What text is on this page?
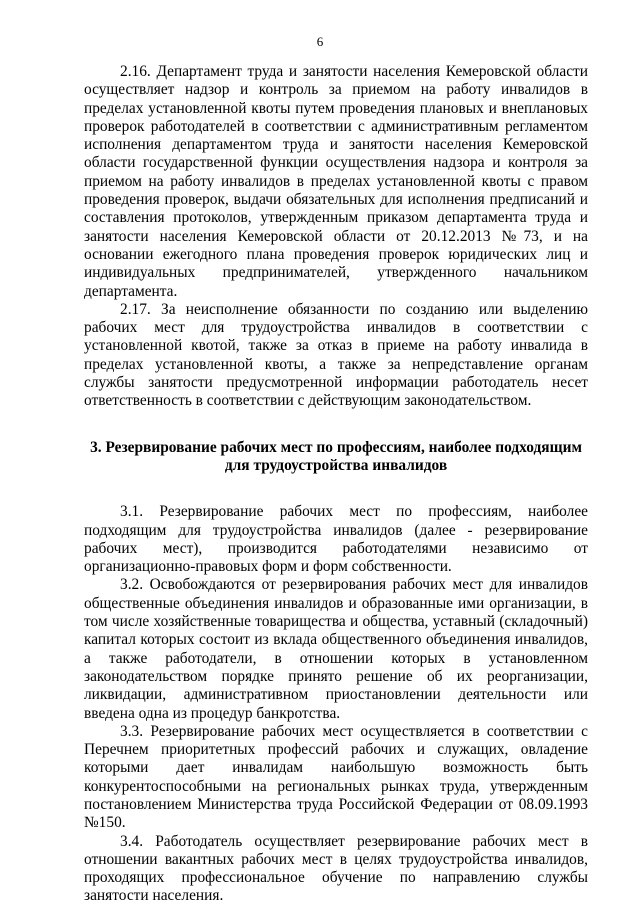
6

2.16. Департамент труда и занятости населения Кемеровской области осуществляет надзор и контроль за приемом на работу инвалидов в пределах установленной квоты путем проведения плановых и внеплановых проверок работодателей в соответствии с административным регламентом исполнения департаментом труда и занятости населения Кемеровской области государственной функции осуществления надзора и контроля за приемом на работу инвалидов в пределах установленной квоты с правом проведения проверок, выдачи обязательных для исполнения предписаний и составления протоколов, утвержденным приказом департамента труда и занятости населения Кемеровской области от 20.12.2013 №73, и на основании ежегодного плана проведения проверок юридических лиц и индивидуальных предпринимателей, утвержденного начальником департамента.

2.17. За неисполнение обязанности по созданию или выделению рабочих мест для трудоустройства инвалидов в соответствии с установленной квотой, также за отказ в приеме на работу инвалида в пределах установленной квоты, а также за непредставление органам службы занятости предусмотренной информации работодатель несет ответственность в соответствии с действующим законодательством.

3. Резервирование рабочих мест по профессиям, наиболее подходящим для трудоустройства инвалидов

3.1. Резервирование рабочих мест по профессиям, наиболее подходящим для трудоустройства инвалидов (далее - резервирование рабочих мест), производится работодателями независимо от организационно-правовых форм и форм собственности.

3.2. Освобождаются от резервирования рабочих мест для инвалидов общественные объединения инвалидов и образованные ими организации, в том числе хозяйственные товарищества и общества, уставный (складочный) капитал которых состоит из вклада общественного объединения инвалидов, а также работодатели, в отношении которых в установленном законодательством порядке принято решение об их реорганизации, ликвидации, административном приостановлении деятельности или введена одна из процедур банкротства.

3.3. Резервирование рабочих мест осуществляется в соответствии с Перечнем приоритетных профессий рабочих и служащих, овладение которыми дает инвалидам наибольшую возможность быть конкурентоспособными на региональных рынках труда, утвержденным постановлением Министерства труда Российской Федерации от 08.09.1993 №150.

3.4. Работодатель осуществляет резервирование рабочих мест в отношении вакантных рабочих мест в целях трудоустройства инвалидов, проходящих профессиональное обучение по направлению службы занятости населения.
